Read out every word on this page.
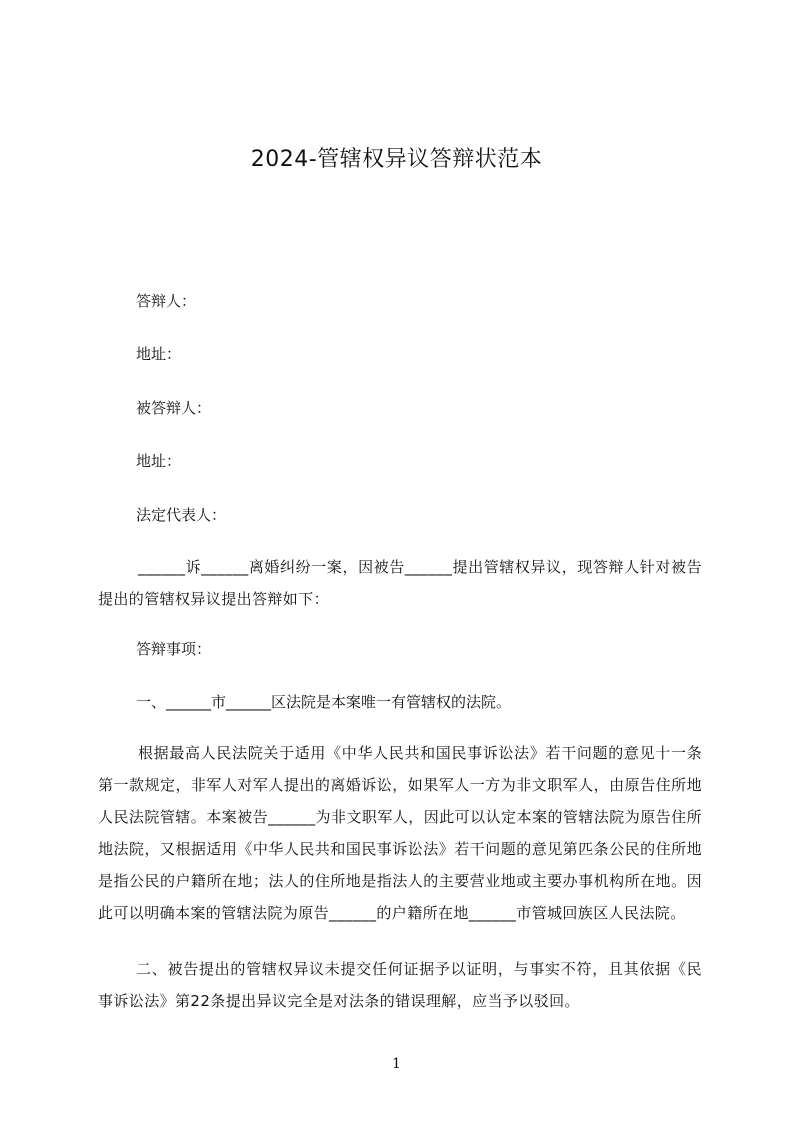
2024-管辖权异议答辩状范本
答辩人：
地址：
被答辩人：
地址：
法定代表人：
______诉______离婚纠纷一案，因被告______提出管辖权异议，现答辩人针对被告提出的管辖权异议提出答辩如下：
答辩事项：
一、______市______区法院是本案唯一有管辖权的法院。
根据最高人民法院关于适用《中华人民共和国民事诉讼法》若干问题的意见十一条第一款规定，非军人对军人提出的离婚诉讼，如果军人一方为非文职军人，由原告住所地人民法院管辖。本案被告______为非文职军人，因此可以认定本案的管辖法院为原告住所地法院，又根据适用《中华人民共和国民事诉讼法》若干问题的意见第匹条公民的住所地是指公民的户籍所在地；法人的住所地是指法人的主要营业地或主要办事机构所在地。因此可以明确本案的管辖法院为原告______的户籍所在地______市管城回族区人民法院。
二、被告提出的管辖权异议未提交任何证据予以证明，与事实不符，且其依据《民事诉讼法》第22条提出异议完全是对法条的错误理解，应当予以驳回。
1
